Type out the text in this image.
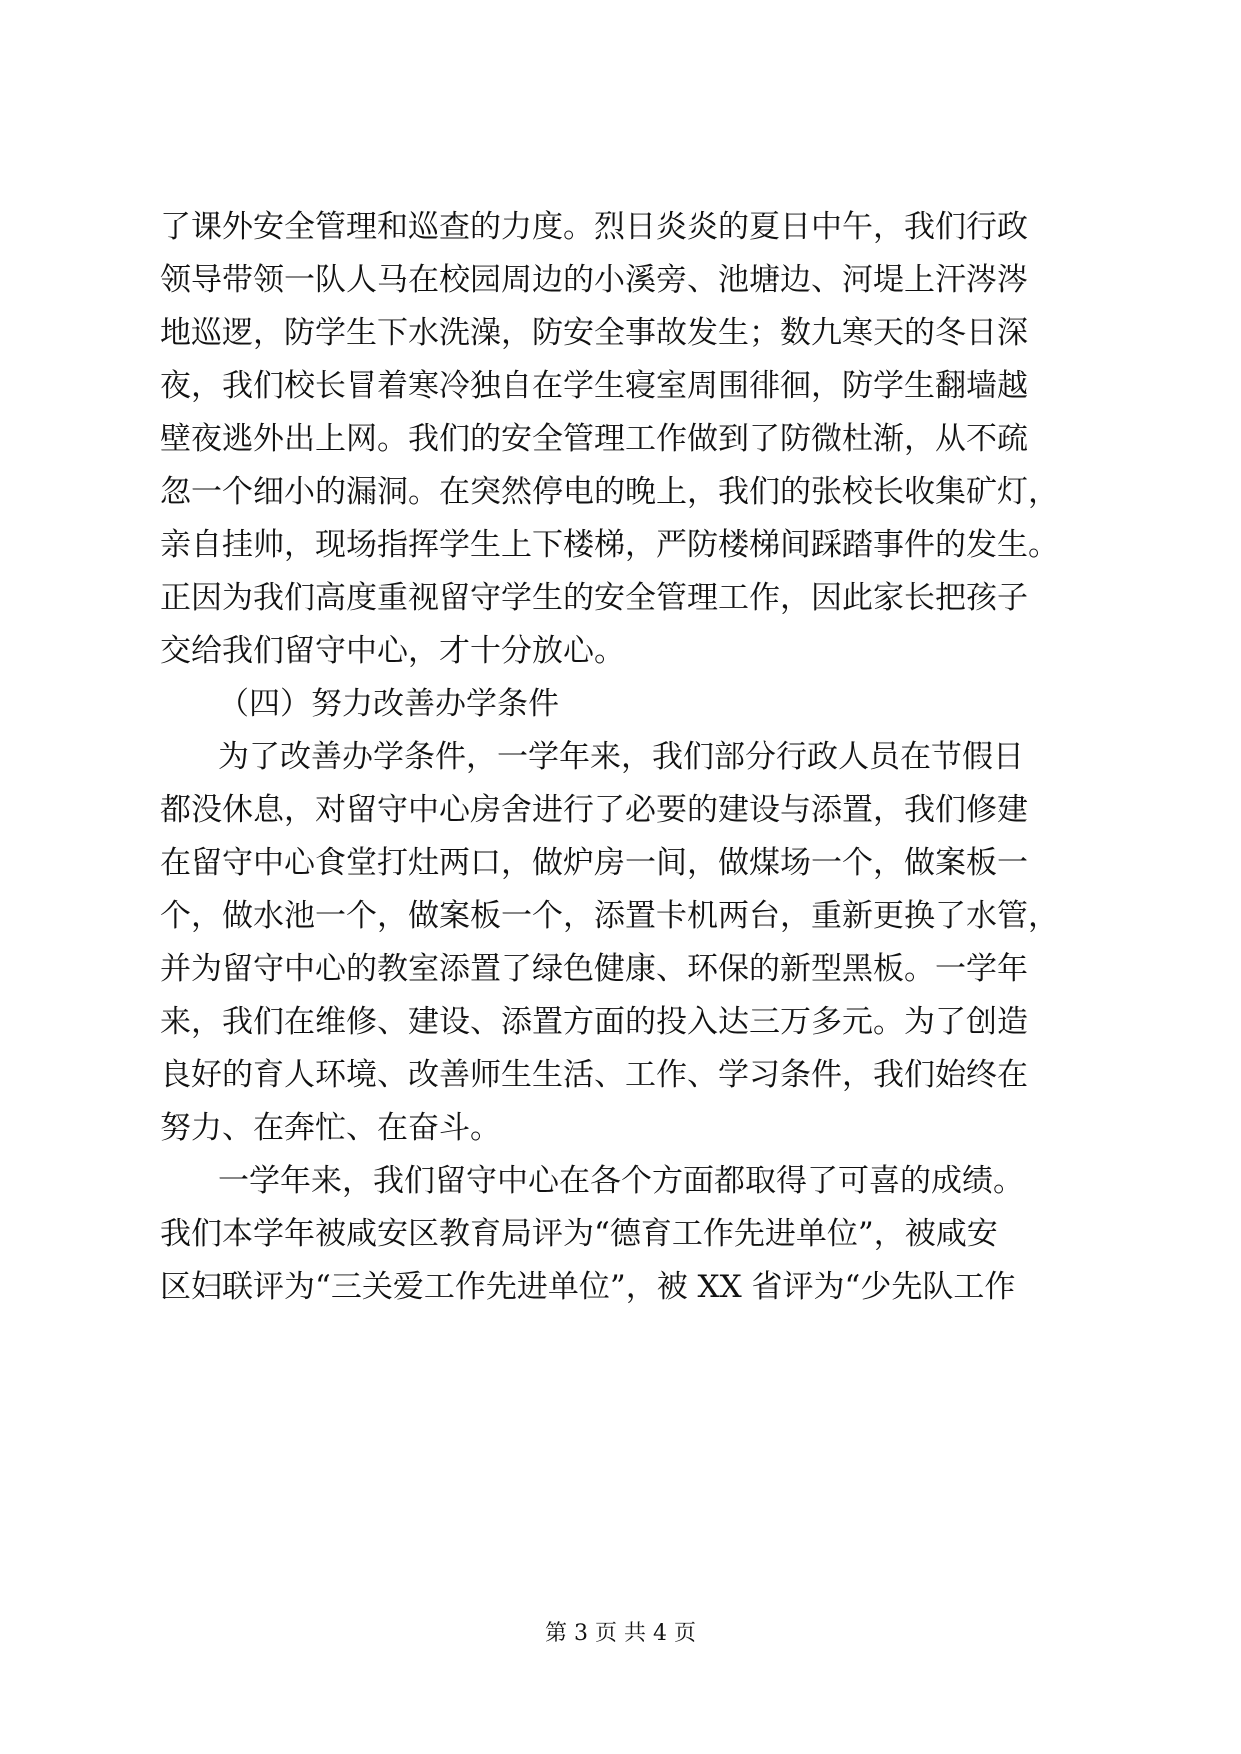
了课外安全管理和巡查的力度。烈日炎炎的夏日中午，我们行政
领导带领一队人马在校园周边的小溪旁、池塘边、河堤上汗涔涔
地巡逻，防学生下水洗澡，防安全事故发生；数九寒天的冬日深
夜，我们校长冒着寒冷独自在学生寝室周围徘徊，防学生翻墙越
壁夜逃外出上网。我们的安全管理工作做到了防微杜渐，从不疏
忽一个细小的漏洞。在突然停电的晚上，我们的张校长收集矿灯，
亲自挂帅，现场指挥学生上下楼梯，严防楼梯间踩踏事件的发生。
正因为我们高度重视留守学生的安全管理工作，因此家长把孩子
交给我们留守中心，才十分放心。
（四）努力改善办学条件
为了改善办学条件，一学年来，我们部分行政人员在节假日
都没休息，对留守中心房舍进行了必要的建设与添置，我们修建
在留守中心食堂打灶两口，做炉房一间，做煤场一个，做案板一
个，做水池一个，做案板一个，添置卡机两台，重新更换了水管，
并为留守中心的教室添置了绿色健康、环保的新型黑板。一学年
来，我们在维修、建设、添置方面的投入达三万多元。为了创造
良好的育人环境、改善师生生活、工作、学习条件，我们始终在
努力、在奔忙、在奋斗。
一学年来，我们留守中心在各个方面都取得了可喜的成绩。
我们本学年被咸安区教育局评为“德育工作先进单位”，被咸安
区妇联评为“三关爱工作先进单位”，被 XX 省评为“少先队工作
第 3 页 共 4 页
